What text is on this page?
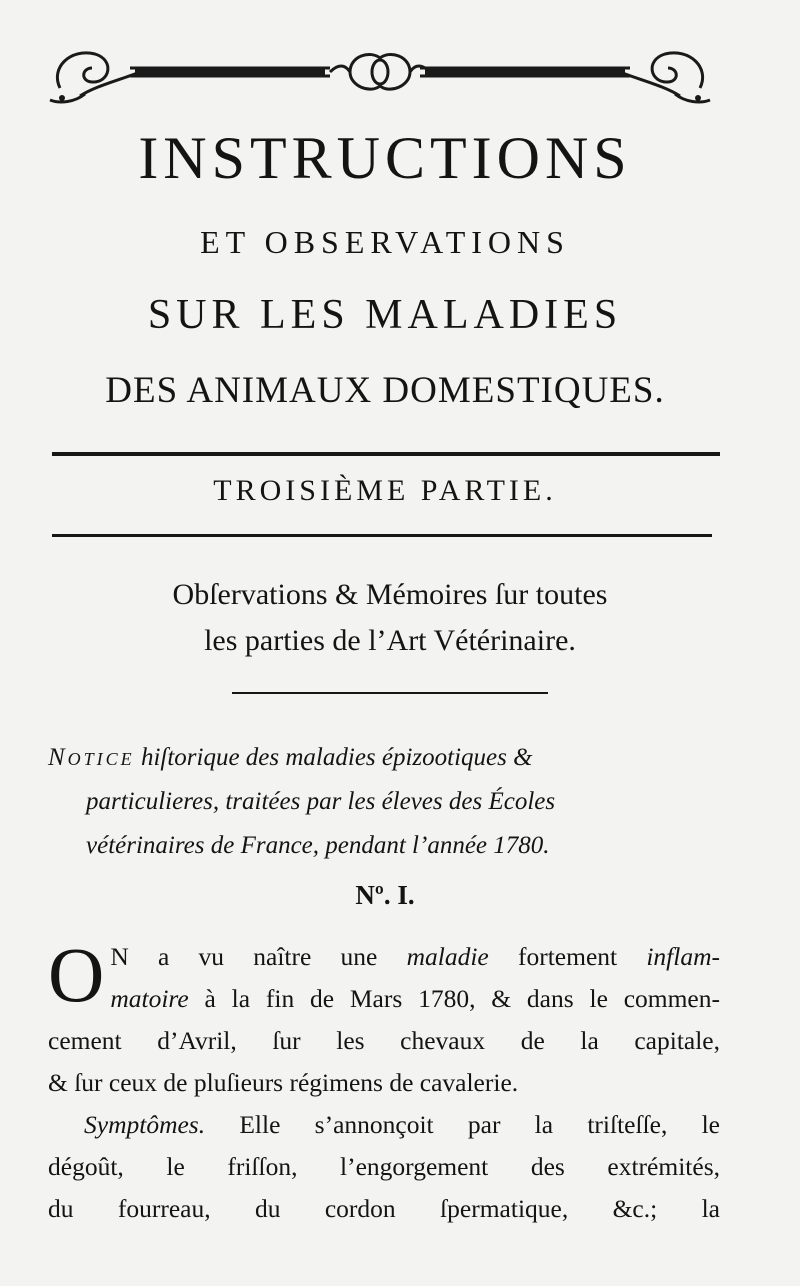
INSTRUCTIONS
ET OBSERVATIONS
SUR LES MALADIES
DES ANIMAUX DOMESTIQUES.
TROISIÈME PARTIE.
Obſervations & Mémoires ſur toutes
les parties de l’Art Vétérinaire.
Notice hiſtorique des maladies épizootiques &
particulieres, traitées par les éleves des Écoles
vétérinaires de France, pendant l’année 1780.
Nº. I.
O N a vu naître une maladie fortement inflam-
matoire à la fin de Mars 1780, & dans le commen-
cement d’Avril, ſur les chevaux de la capitale,
& ſur ceux de pluſieurs régimens de cavalerie.
Symptômes. Elle s’annonçoit par la triſteſſe, le
dégoût, le friſſon, l’engorgement des extrémités,
du fourreau, du cordon ſpermatique, &c.; la
